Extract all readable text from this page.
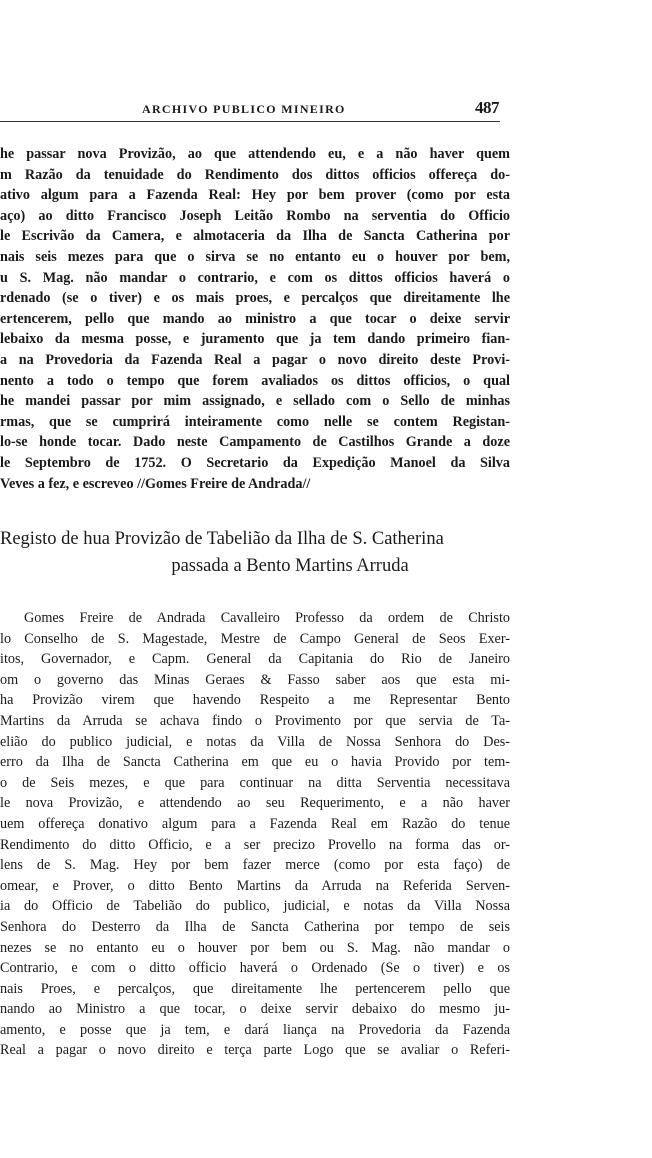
ARCHIVO PUBLICO MINEIRO	487
he passar nova Provizão, ao que attendendo eu, e a não haver quem
m Razão da tenuidade do Rendimento dos dittos officios offereça do-
ativo algum para a Fazenda Real: Hey por bem prover (como por esta
aço) ao ditto Francisco Joseph Leitão Rombo na serventia do Officio
le Escrivão da Camera, e almotaceria da Ilha de Sancta Catherina por
nais seis mezes para que o sirva se no entanto eu o houver por bem,
u S. Mag. não mandar o contrario, e com os dittos officios haverá o
rdenado (se o tiver) e os mais proes, e percalços que direitamente lhe
ertencerem, pello que mando ao ministro a que tocar o deixe servir
lebaixo da mesma posse, e juramento que ja tem dando primeiro fian-
a na Provedoria da Fazenda Real a pagar o novo direito deste Provi-
nento a todo o tempo que forem avaliados os dittos officios, o qual
he mandei passar por mim assignado, e sellado com o Sello de minhas
rmas, que se cumprirá inteiramente como nelle se contem Registan-
lo-se honde tocar. Dado neste Campamento de Castilhos Grande a doze
le Septembro de 1752. O Secretario da Expedição Manoel da Silva
Veves a fez, e escreveo //Gomes Freire de Andrada//
Registo de hua Provizão de Tabelião da Ilha de S. Catherina
passada a Bento Martins Arruda
Gomes Freire de Andrada Cavalleiro Professo da ordem de Christo
lo Conselho de S. Magestade, Mestre de Campo General de Seos Exer-
itos, Governador, e Capm. General da Capitania do Rio de Janeiro
om o governo das Minas Geraes & Fasso saber aos que esta mi-
ha Provizão virem que havendo Respeito a me Representar Bento
Martins da Arruda se achava findo o Provimento por que servia de Ta-
elião do publico judicial, e notas da Villa de Nossa Senhora do Des-
erro da Ilha de Sancta Catherina em que eu o havia Provido por tem-
o de Seis mezes, e que para continuar na ditta Serventia necessitava
le nova Provizão, e attendendo ao seu Requerimento, e a não haver
uem offereça donativo algum para a Fazenda Real em Razão do tenue
Rendimento do ditto Officio, e a ser precizo Provello na forma das or-
lens de S. Mag. Hey por bem fazer merce (como por esta faço) de
omear, e Prover, o ditto Bento Martins da Arruda na Referida Serven-
ia do Officio de Tabelião do publico, judicial, e notas da Villa Nossa
Senhora do Desterro da Ilha de Sancta Catherina por tempo de seis
nezes se no entanto eu o houver por bem ou S. Mag. não mandar o
Contrario, e com o ditto officio haverá o Ordenado (Se o tiver) e os
nais Proes, e percalços, que direitamente lhe pertencerem pello que
nando ao Ministro a que tocar, o deixe servir debaixo do mesmo ju-
amento, e posse que ja tem, e dará liança na Provedoria da Fazenda
Real a pagar o novo direito e terça parte Logo que se avaliar o Referi-
